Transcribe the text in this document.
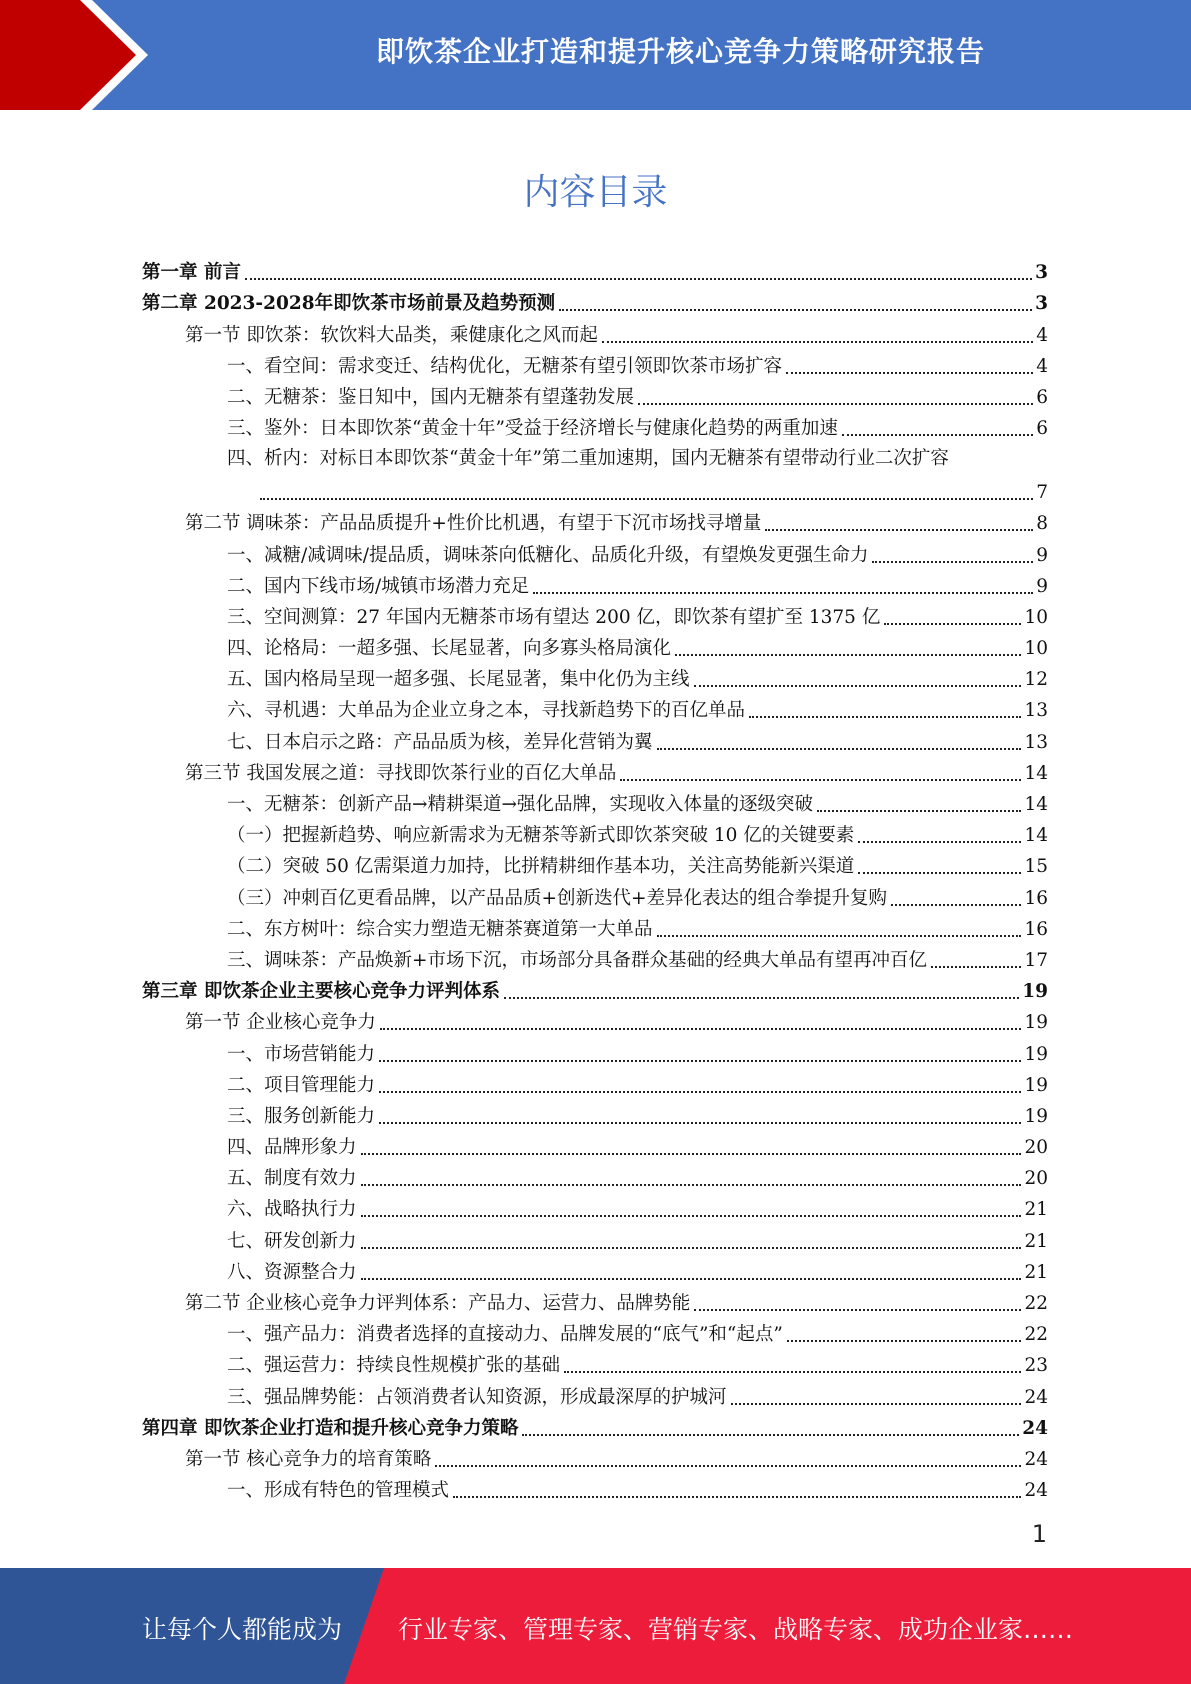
即饮茶企业打造和提升核心竞争力策略研究报告
内容目录
第一章 前言	3
第二章 2023-2028年即饮茶市场前景及趋势预测	3
第一节 即饮茶：软饮料大品类，乘健康化之风而起	4
一、看空间：需求变迁、结构优化，无糖茶有望引领即饮茶市场扩容	4
二、无糖茶：鉴日知中，国内无糖茶有望蓬勃发展	6
三、鉴外：日本即饮茶“黄金十年”受益于经济增长与健康化趋势的两重加速	6
四、析内：对标日本即饮茶“黄金十年”第二重加速期，国内无糖茶有望带动行业二次扩容
7
第二节 调味茶：产品品质提升+性价比机遇，有望于下沉市场找寻增量	8
一、减糖/减调味/提品质，调味茶向低糖化、品质化升级，有望焕发更强生命力	9
二、国内下线市场/城镇市场潜力充足	9
三、空间测算：27 年国内无糖茶市场有望达 200 亿，即饮茶有望扩至 1375 亿	10
四、论格局：一超多强、长尾显著，向多寡头格局演化	10
五、国内格局呈现一超多强、长尾显著，集中化仍为主线	12
六、寻机遇：大单品为企业立身之本，寻找新趋势下的百亿单品	13
七、日本启示之路：产品品质为核，差异化营销为翼	13
第三节 我国发展之道：寻找即饮茶行业的百亿大单品	14
一、无糖茶：创新产品→精耕渠道→强化品牌，实现收入体量的逐级突破	14
（一）把握新趋势、响应新需求为无糖茶等新式即饮茶突破 10 亿的关键要素	14
（二）突破 50 亿需渠道力加持，比拼精耕细作基本功，关注高势能新兴渠道	15
（三）冲刺百亿更看品牌，以产品品质+创新迭代+差异化表达的组合拳提升复购	16
二、东方树叶：综合实力塑造无糖茶赛道第一大单品	16
三、调味茶：产品焕新+市场下沉，市场部分具备群众基础的经典大单品有望再冲百亿	17
第三章 即饮茶企业主要核心竞争力评判体系	19
第一节 企业核心竞争力	19
一、市场营销能力	19
二、项目管理能力	19
三、服务创新能力	19
四、品牌形象力	20
五、制度有效力	20
六、战略执行力	21
七、研发创新力	21
八、资源整合力	21
第二节 企业核心竞争力评判体系：产品力、运营力、品牌势能	22
一、强产品力：消费者选择的直接动力、品牌发展的“底气”和“起点”	22
二、强运营力：持续良性规模扩张的基础	23
三、强品牌势能：占领消费者认知资源，形成最深厚的护城河	24
第四章 即饮茶企业打造和提升核心竞争力策略	24
第一节 核心竞争力的培育策略	24
一、形成有特色的管理模式	24
1
让每个人都能成为 行业专家、管理专家、营销专家、战略专家、成功企业家……
